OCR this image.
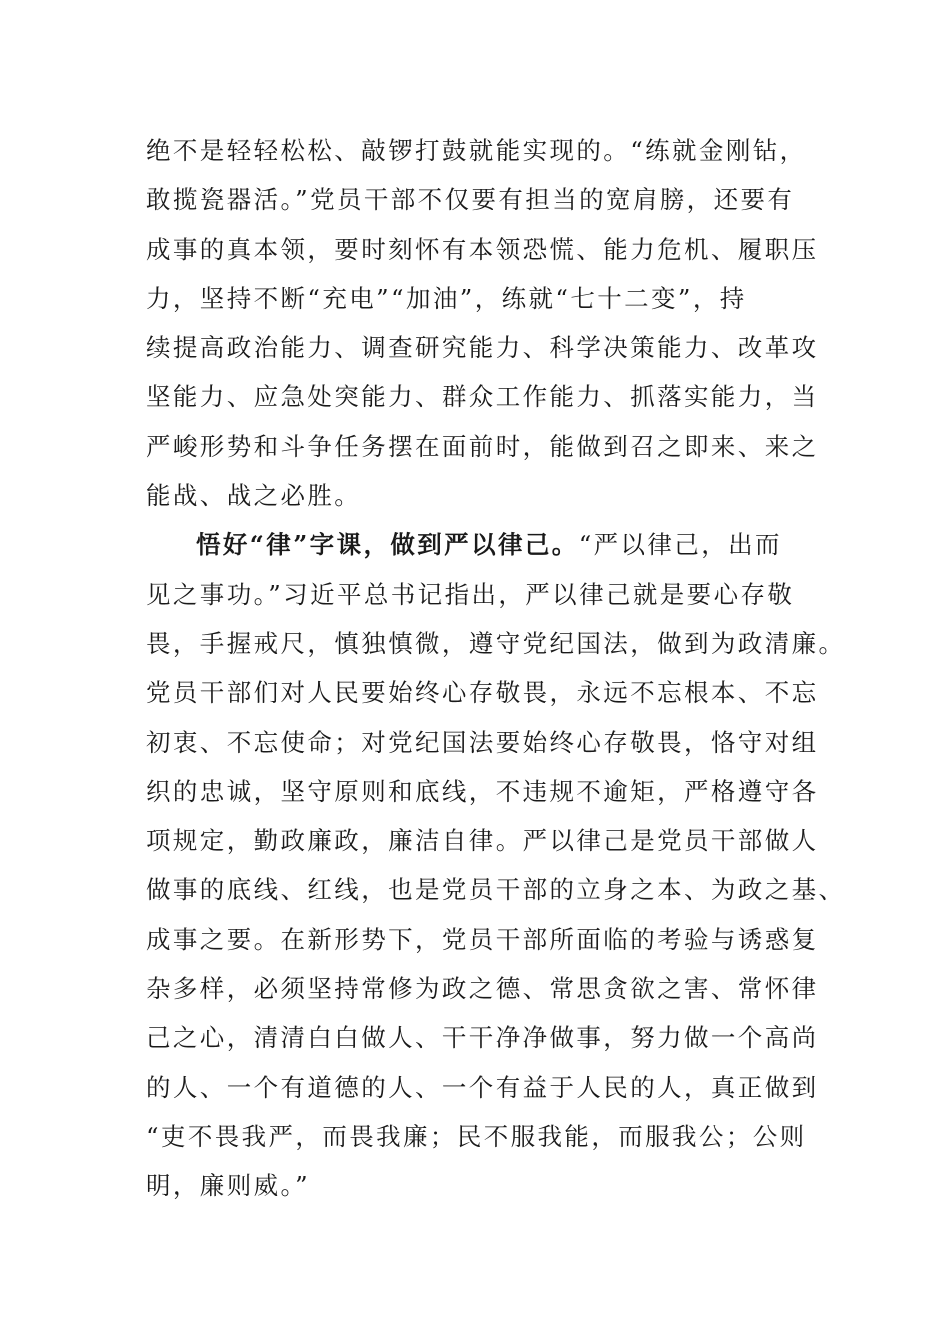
绝不是轻轻松松、敲锣打鼓就能实现的。“练就金刚钻，
敢揽瓷器活。”党员干部不仅要有担当的宽肩膀，还要有
成事的真本领，要时刻怀有本领恐慌、能力危机、履职压
力，坚持不断“充电”“加油”，练就“七十二变”，持
续提高政治能力、调查研究能力、科学决策能力、改革攻
坚能力、应急处突能力、群众工作能力、抓落实能力，当
严峻形势和斗争任务摆在面前时，能做到召之即来、来之
能战、战之必胜。
悟好“律”字课，做到严以律己。“严以律己，出而
见之事功。”习近平总书记指出，严以律己就是要心存敬
畏，手握戒尺，慎独慎微，遵守党纪国法，做到为政清廉。
党员干部们对人民要始终心存敬畏，永远不忘根本、不忘
初衷、不忘使命；对党纪国法要始终心存敬畏，恪守对组
织的忠诚，坚守原则和底线，不违规不逾矩，严格遵守各
项规定，勤政廉政，廉洁自律。严以律己是党员干部做人
做事的底线、红线，也是党员干部的立身之本、为政之基、
成事之要。在新形势下，党员干部所面临的考验与诱惑复
杂多样，必须坚持常修为政之德、常思贪欲之害、常怀律
己之心，清清白白做人、干干净净做事，努力做一个高尚
的人、一个有道德的人、一个有益于人民的人，真正做到
“吏不畏我严，而畏我廉；民不服我能，而服我公；公则
明，廉则威。”
